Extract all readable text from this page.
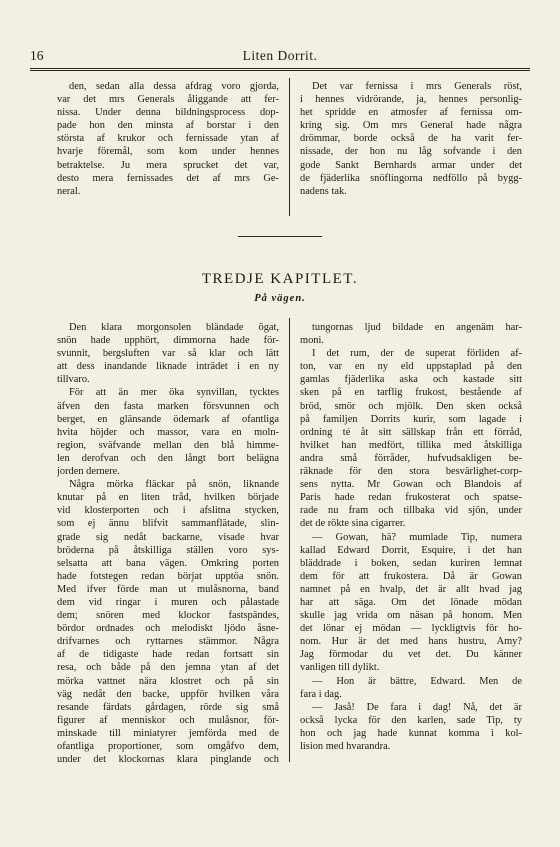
16	Liten Dorrit.
den, sedan alla dessa afdrag voro gjorda,
var det mrs Generals åliggande att fer-
nissa. Under denna bildningsprocess dop-
pade hon den minsta af borstar i den
största af krukor och fernissade ytan af
hvarje föremål, som kom under hennes
betraktelse. Ju mera sprucket det var,
desto mera fernissades det af mrs Ge-
neral.
Det var fernissa i mrs Generals röst,
i hennes vidrörande, ja, hennes personlig-
het spridde en atmosfer af fernissa om-
kring sig. Om mrs General hade några
drömmar, borde också de ha varit fer-
nissade, der hon nu låg sofvande i den
gode Sankt Bernhards armar under det
de fjäderlika snöflingorna nedföllo på bygg-
nadens tak.
TREDJE KAPITLET.
På vägen.
Den klara morgonsolen bländade ögat,
snön hade upphört, dimmorna hade för-
svunnit, bergsluften var så klar och lätt
att dess inandande liknade inträdet i en ny
tillvaro.
För att än mer öka synvillan, tycktes
äfven den fasta marken försvunnen och
berget, en glänsande ödemark af ofantliga
hvita höjder och massor, vara en moln-
region, sväfvande mellan den blå himme-
len derofvan och den långt bort belägna
jorden dernere.
Några mörka fläckar på snön, liknande
knutar på en liten tråd, hvilken började
vid klosterporten och i afslitna stycken,
som ej ännu blifvit sammanflätade, slin-
grade sig nedåt backarne, visade hvar
bröderna på åtskilliga ställen voro sys-
selsatta att bana vägen. Omkring porten
hade fotstegen redan börjat upptöa snön.
Med ifver förde man ut mulåsnorna, band
dem vid ringar i muren och pålastade
dem; snören med klockor fastspändes,
bördor ordnades och melodiskt ljödo åsne-
drifvarnes och ryttarnes stämmor. Några
af de tidigaste hade redan fortsatt sin
resa, och både på den jemna ytan af det
mörka vattnet nära klostret och på sin
väg nedåt den backe, uppför hvilken våra
resande färdats gårdagen, rörde sig små
figurer af menniskor och mulåsnor, för-
minskade till miniatyrer jemförda med de
ofantliga proportioner, som omgåfvo dem,
under det klockornas klara pinglande och
tungornas ljud bildade en angenäm har-
moni.
I det rum, der de superat förliden af-
ton, var en ny eld uppstaplad på den
gamlas fjäderlika aska och kastade sitt
sken på en tarflig frukost, bestående af
bröd, smör och mjölk. Den sken också
på familjen Dorrits kurir, som lagade i
ordning té åt sitt sällskap från ett förråd,
hvilket han medfört, tillika med åtskilliga
andra små förråder, hufvudsakligen be-
räknade för den stora besvärlighet-corp-
sens nytta. Mr Gowan och Blandois af
Paris hade redan frukosterat och spatse-
rade nu fram och tillbaka vid sjön, under
det de rökte sina cigarrer.
— Gowan, hä? mumlade Tip, numera
kallad Edward Dorrit, Esquire, i det han
bläddrade i boken, sedan kuriren lemnat
dem för att frukostera. Då är Gowan
namnet på en hvalp, det är allt hvad jag
har att säga. Om det lönade mödan
skulle jag vrida om näsan på honom. Men
det lönar ej mödan — lyckligtvis för ho-
nom. Hur är det med hans hustru, Amy?
Jag förmodar du vet det. Du känner
vanligen till dylikt.
— Hon är bättre, Edward. Men de
fara i dag.
— Jaså! De fara i dag! Nå, det är
också lycka för den karlen, sade Tip, ty
hon och jag hade kunnat komma i kol-
lision med hvarandra.
